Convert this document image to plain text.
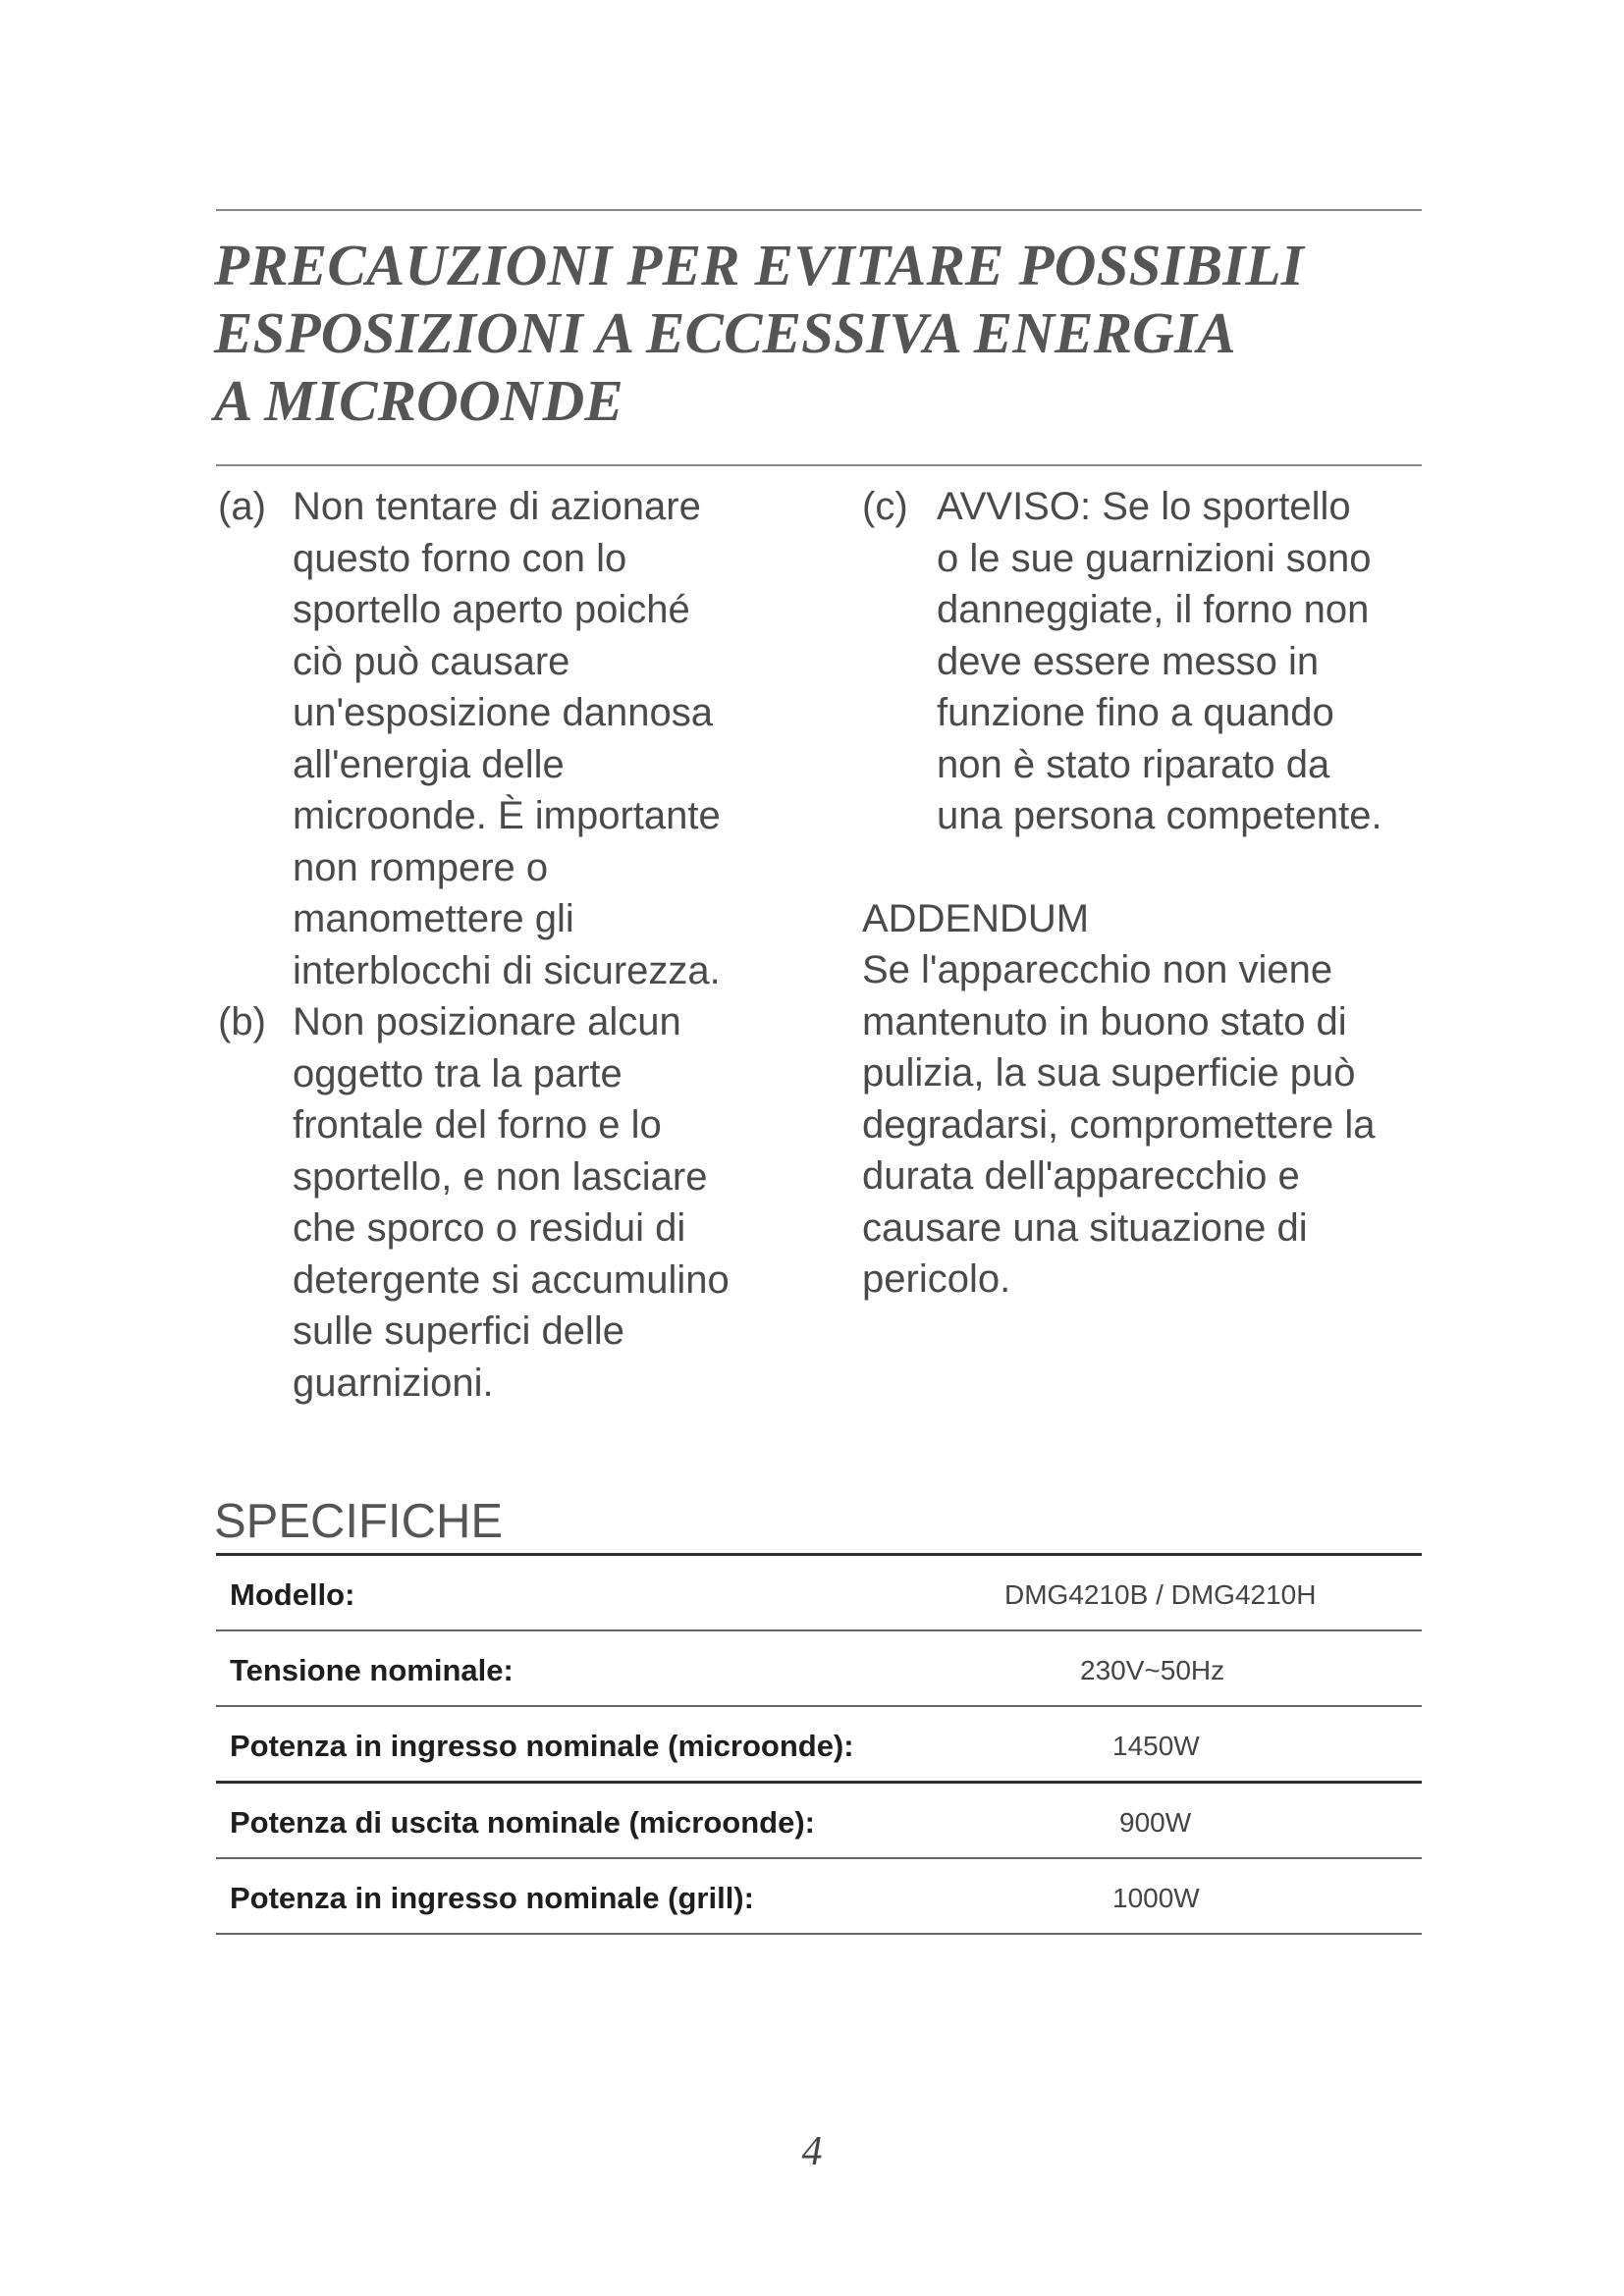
PRECAUZIONI PER EVITARE POSSIBILI
ESPOSIZIONI A ECCESSIVA ENERGIA
A MICROONDE
(a) Non tentare di azionare
questo forno con lo
sportello aperto poiché
ciò può causare
un'esposizione dannosa
all'energia delle
microonde. È importante
non rompere o
manomettere gli
interblocchi di sicurezza.
(b) Non posizionare alcun
oggetto tra la parte
frontale del forno e lo
sportello, e non lasciare
che sporco o residui di
detergente si accumulino
sulle superfici delle
guarnizioni.
(c) AVVISO: Se lo sportello
o le sue guarnizioni sono
danneggiate, il forno non
deve essere messo in
funzione fino a quando
non è stato riparato da
una persona competente.
ADDENDUM
Se l'apparecchio non viene
mantenuto in buono stato di
pulizia, la sua superficie può
degradarsi, compromettere la
durata dell'apparecchio e
causare una situazione di
pericolo.
SPECIFICHE
Modello:	DMG4210B / DMG4210H
Tensione nominale:	230V~50Hz
Potenza in ingresso nominale (microonde):	1450W
Potenza di uscita nominale (microonde):	900W
Potenza in ingresso nominale (grill):	1000W
4
